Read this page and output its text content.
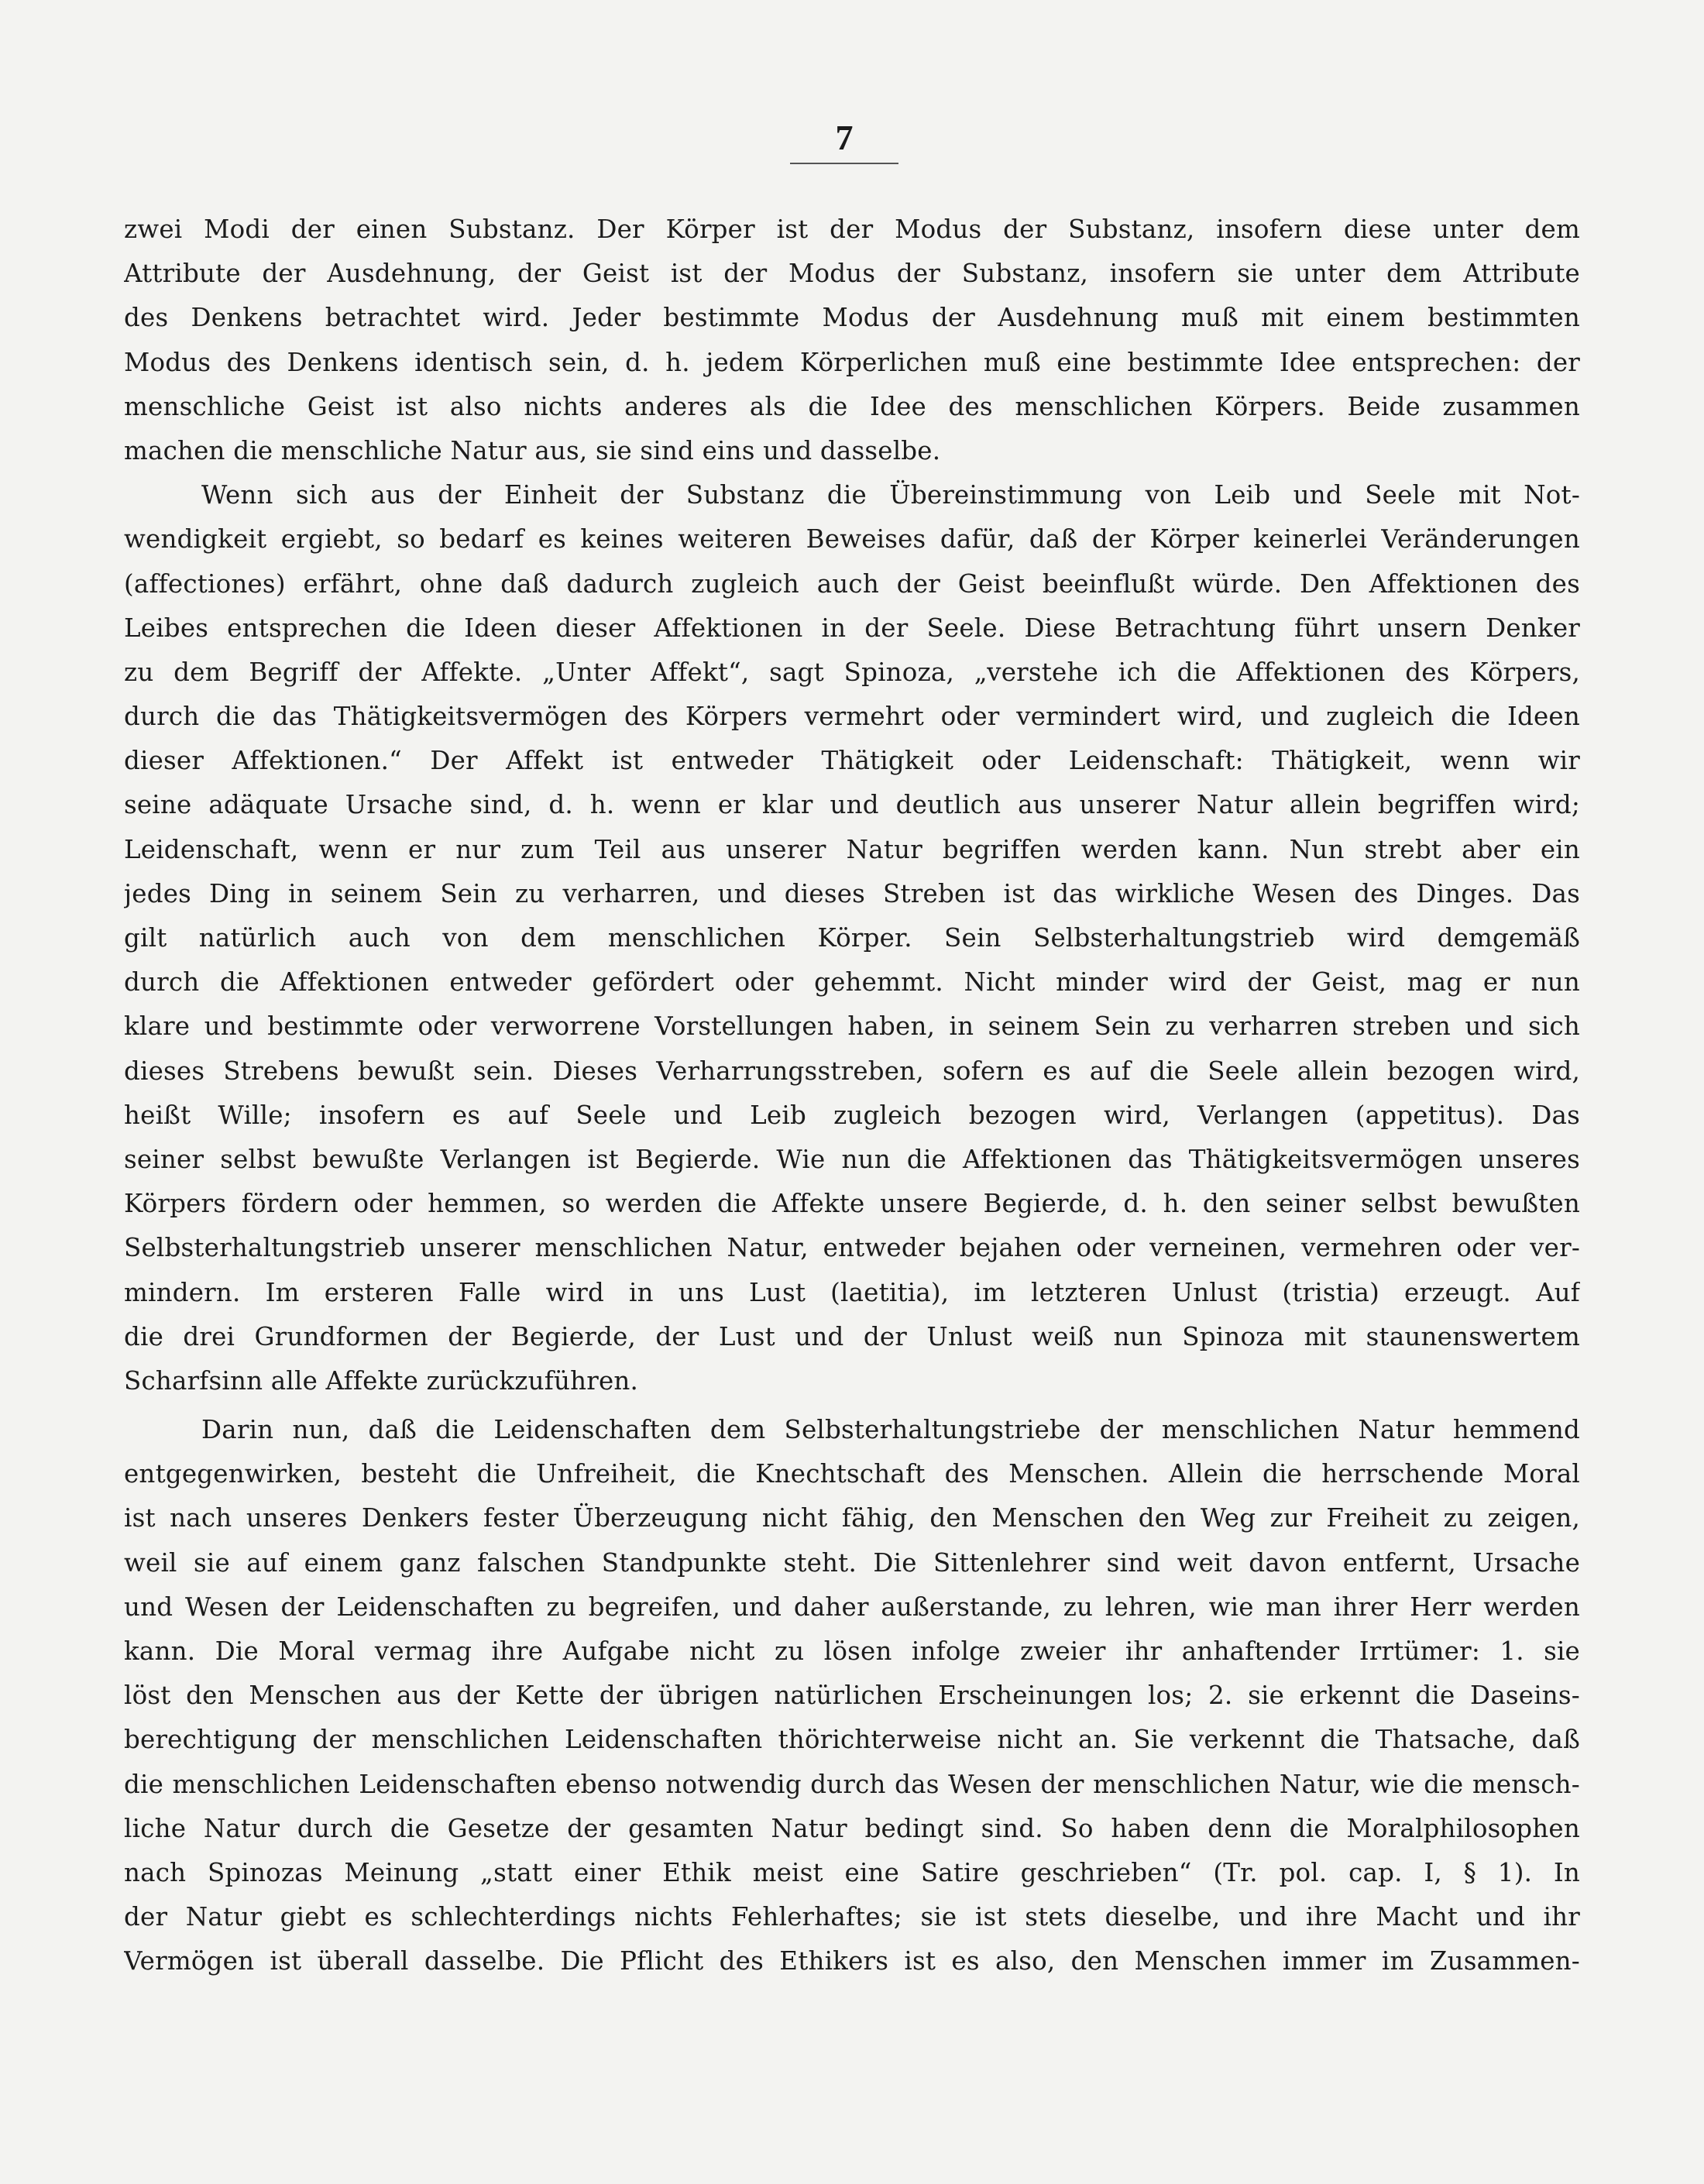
7
zwei Modi der einen Substanz. Der Körper ist der Modus der Substanz, insofern diese unter dem
Attribute der Ausdehnung, der Geist ist der Modus der Substanz, insofern sie unter dem Attribute
des Denkens betrachtet wird. Jeder bestimmte Modus der Ausdehnung muß mit einem bestimmten
Modus des Denkens identisch sein, d. h. jedem Körperlichen muß eine bestimmte Idee entsprechen: der
menschliche Geist ist also nichts anderes als die Idee des menschlichen Körpers. Beide zusammen
machen die menschliche Natur aus, sie sind eins und dasselbe.
Wenn sich aus der Einheit der Substanz die Übereinstimmung von Leib und Seele mit Not-
wendigkeit ergiebt, so bedarf es keines weiteren Beweises dafür, daß der Körper keinerlei Veränderungen
(affectiones) erfährt, ohne daß dadurch zugleich auch der Geist beeinflußt würde. Den Affektionen des
Leibes entsprechen die Ideen dieser Affektionen in der Seele. Diese Betrachtung führt unsern Denker
zu dem Begriff der Affekte. „Unter Affekt“, sagt Spinoza, „verstehe ich die Affektionen des Körpers,
durch die das Thätigkeitsvermögen des Körpers vermehrt oder vermindert wird, und zugleich die Ideen
dieser Affektionen.“ Der Affekt ist entweder Thätigkeit oder Leidenschaft: Thätigkeit, wenn wir
seine adäquate Ursache sind, d. h. wenn er klar und deutlich aus unserer Natur allein begriffen wird;
Leidenschaft, wenn er nur zum Teil aus unserer Natur begriffen werden kann. Nun strebt aber ein
jedes Ding in seinem Sein zu verharren, und dieses Streben ist das wirkliche Wesen des Dinges. Das
gilt natürlich auch von dem menschlichen Körper. Sein Selbsterhaltungstrieb wird demgemäß
durch die Affektionen entweder gefördert oder gehemmt. Nicht minder wird der Geist, mag er nun
klare und bestimmte oder verworrene Vorstellungen haben, in seinem Sein zu verharren streben und sich
dieses Strebens bewußt sein. Dieses Verharrungsstreben, sofern es auf die Seele allein bezogen wird,
heißt Wille; insofern es auf Seele und Leib zugleich bezogen wird, Verlangen (appetitus). Das
seiner selbst bewußte Verlangen ist Begierde. Wie nun die Affektionen das Thätigkeitsvermögen unseres
Körpers fördern oder hemmen, so werden die Affekte unsere Begierde, d. h. den seiner selbst bewußten
Selbsterhaltungstrieb unserer menschlichen Natur, entweder bejahen oder verneinen, vermehren oder ver-
mindern. Im ersteren Falle wird in uns Lust (laetitia), im letzteren Unlust (tristia) erzeugt. Auf
die drei Grundformen der Begierde, der Lust und der Unlust weiß nun Spinoza mit staunenswertem
Scharfsinn alle Affekte zurückzuführen.
Darin nun, daß die Leidenschaften dem Selbsterhaltungstriebe der menschlichen Natur hemmend
entgegenwirken, besteht die Unfreiheit, die Knechtschaft des Menschen. Allein die herrschende Moral
ist nach unseres Denkers fester Überzeugung nicht fähig, den Menschen den Weg zur Freiheit zu zeigen,
weil sie auf einem ganz falschen Standpunkte steht. Die Sittenlehrer sind weit davon entfernt, Ursache
und Wesen der Leidenschaften zu begreifen, und daher außerstande, zu lehren, wie man ihrer Herr werden
kann. Die Moral vermag ihre Aufgabe nicht zu lösen infolge zweier ihr anhaftender Irrtümer: 1. sie
löst den Menschen aus der Kette der übrigen natürlichen Erscheinungen los; 2. sie erkennt die Daseins-
berechtigung der menschlichen Leidenschaften thörichterweise nicht an. Sie verkennt die Thatsache, daß
die menschlichen Leidenschaften ebenso notwendig durch das Wesen der menschlichen Natur, wie die mensch-
liche Natur durch die Gesetze der gesamten Natur bedingt sind. So haben denn die Moralphilosophen
nach Spinozas Meinung „statt einer Ethik meist eine Satire geschrieben“ (Tr. pol. cap. I, § 1). In
der Natur giebt es schlechterdings nichts Fehlerhaftes; sie ist stets dieselbe, und ihre Macht und ihr
Vermögen ist überall dasselbe. Die Pflicht des Ethikers ist es also, den Menschen immer im Zusammen-
